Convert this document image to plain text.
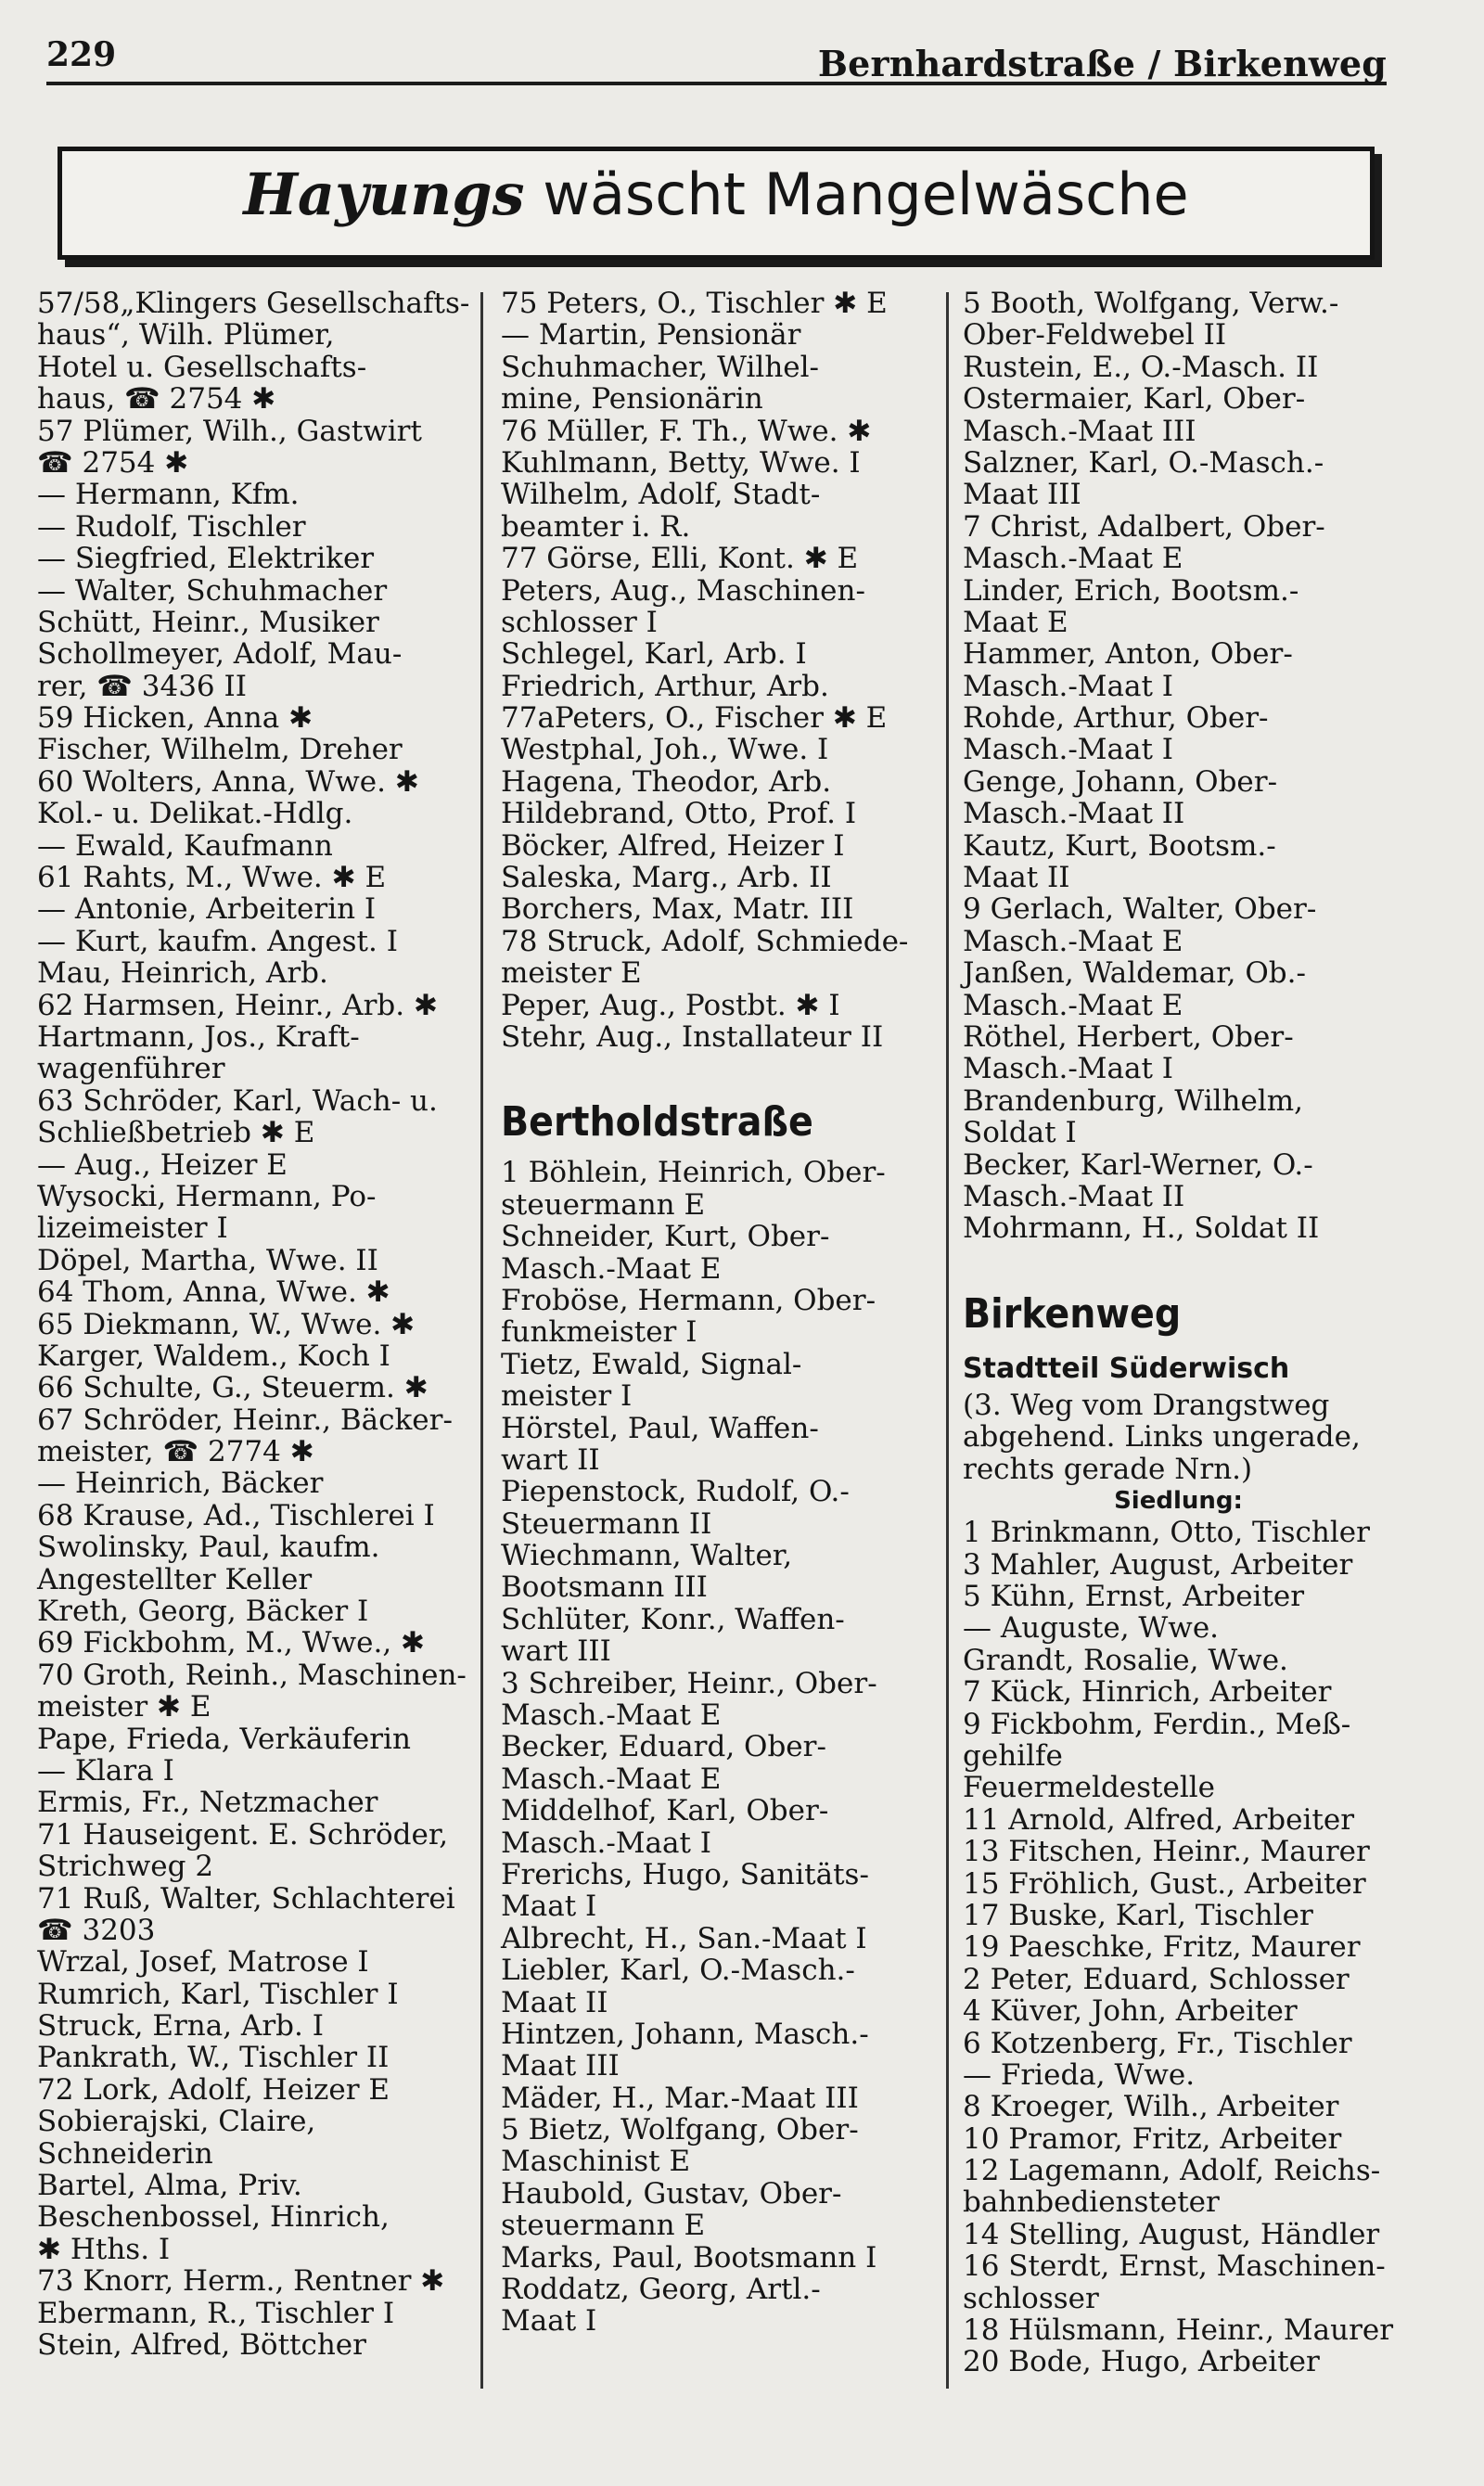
229	Bernhardstraße / Birkenweg
Hayungs wäscht Mangelwäsche
57/58„Klingers Gesellschafts-
haus“, Wilh. Plümer,
Hotel u. Gesellschafts-
haus, ☎ 2754 ✱
57 Plümer, Wilh., Gastwirt
☎ 2754 ✱
— Hermann, Kfm.
— Rudolf, Tischler
— Siegfried, Elektriker
— Walter, Schuhmacher
Schütt, Heinr., Musiker
Schollmeyer, Adolf, Mau-
rer, ☎ 3436 II
59 Hicken, Anna ✱
Fischer, Wilhelm, Dreher
60 Wolters, Anna, Wwe. ✱
Kol.- u. Delikat.-Hdlg.
— Ewald, Kaufmann
61 Rahts, M., Wwe. ✱ E
— Antonie, Arbeiterin I
— Kurt, kaufm. Angest. I
Mau, Heinrich, Arb.
62 Harmsen, Heinr., Arb. ✱
Hartmann, Jos., Kraft-
wagenführer
63 Schröder, Karl, Wach- u.
Schließbetrieb ✱ E
— Aug., Heizer E
Wysocki, Hermann, Po-
lizeimeister I
Döpel, Martha, Wwe. II
64 Thom, Anna, Wwe. ✱
65 Diekmann, W., Wwe. ✱
Karger, Waldem., Koch I
66 Schulte, G., Steuerm. ✱
67 Schröder, Heinr., Bäcker-
meister, ☎ 2774 ✱
— Heinrich, Bäcker
68 Krause, Ad., Tischlerei I
Swolinsky, Paul, kaufm.
Angestellter Keller
Kreth, Georg, Bäcker I
69 Fickbohm, M., Wwe., ✱
70 Groth, Reinh., Maschinen-
meister ✱ E
Pape, Frieda, Verkäuferin
— Klara I
Ermis, Fr., Netzmacher
71 Hauseigent. E. Schröder,
Strichweg 2
71 Ruß, Walter, Schlachterei
☎ 3203
Wrzal, Josef, Matrose I
Rumrich, Karl, Tischler I
Struck, Erna, Arb. I
Pankrath, W., Tischler II
72 Lork, Adolf, Heizer E
Sobierajski, Claire,
Schneiderin
Bartel, Alma, Priv.
Beschenbossel, Hinrich,
✱ Hths. I
73 Knorr, Herm., Rentner ✱
Ebermann, R., Tischler I
Stein, Alfred, Böttcher
75 Peters, O., Tischler ✱ E
— Martin, Pensionär
Schuhmacher, Wilhel-
mine, Pensionärin
76 Müller, F. Th., Wwe. ✱
Kuhlmann, Betty, Wwe. I
Wilhelm, Adolf, Stadt-
beamter i. R.
77 Görse, Elli, Kont. ✱ E
Peters, Aug., Maschinen-
schlosser I
Schlegel, Karl, Arb. I
Friedrich, Arthur, Arb.
77aPeters, O., Fischer ✱ E
Westphal, Joh., Wwe. I
Hagena, Theodor, Arb.
Hildebrand, Otto, Prof. I
Böcker, Alfred, Heizer I
Saleska, Marg., Arb. II
Borchers, Max, Matr. III
78 Struck, Adolf, Schmiede-
meister E
Peper, Aug., Postbt. ✱ I
Stehr, Aug., Installateur II
Bertholdstraße
1 Böhlein, Heinrich, Ober-
steuermann E
Schneider, Kurt, Ober-
Masch.-Maat E
Froböse, Hermann, Ober-
funkmeister I
Tietz, Ewald, Signal-
meister I
Hörstel, Paul, Waffen-
wart II
Piepenstock, Rudolf, O.-
Steuermann II
Wiechmann, Walter,
Bootsmann III
Schlüter, Konr., Waffen-
wart III
3 Schreiber, Heinr., Ober-
Masch.-Maat E
Becker, Eduard, Ober-
Masch.-Maat E
Middelhof, Karl, Ober-
Masch.-Maat I
Frerichs, Hugo, Sanitäts-
Maat I
Albrecht, H., San.-Maat I
Liebler, Karl, O.-Masch.-
Maat II
Hintzen, Johann, Masch.-
Maat III
Mäder, H., Mar.-Maat III
5 Bietz, Wolfgang, Ober-
Maschinist E
Haubold, Gustav, Ober-
steuermann E
Marks, Paul, Bootsmann I
Roddatz, Georg, Artl.-
Maat I
5 Booth, Wolfgang, Verw.-
Ober-Feldwebel II
Rustein, E., O.-Masch. II
Ostermaier, Karl, Ober-
Masch.-Maat III
Salzner, Karl, O.-Masch.-
Maat III
7 Christ, Adalbert, Ober-
Masch.-Maat E
Linder, Erich, Bootsm.-
Maat E
Hammer, Anton, Ober-
Masch.-Maat I
Rohde, Arthur, Ober-
Masch.-Maat I
Genge, Johann, Ober-
Masch.-Maat II
Kautz, Kurt, Bootsm.-
Maat II
9 Gerlach, Walter, Ober-
Masch.-Maat E
Janßen, Waldemar, Ob.-
Masch.-Maat E
Röthel, Herbert, Ober-
Masch.-Maat I
Brandenburg, Wilhelm,
Soldat I
Becker, Karl-Werner, O.-
Masch.-Maat II
Mohrmann, H., Soldat II
Birkenweg
Stadtteil Süderwisch
(3. Weg vom Drangstweg
abgehend. Links ungerade,
rechts gerade Nrn.)
Siedlung:
1 Brinkmann, Otto, Tischler
3 Mahler, August, Arbeiter
5 Kühn, Ernst, Arbeiter
— Auguste, Wwe.
Grandt, Rosalie, Wwe.
7 Kück, Hinrich, Arbeiter
9 Fickbohm, Ferdin., Meß-
gehilfe
Feuermeldestelle
11 Arnold, Alfred, Arbeiter
13 Fitschen, Heinr., Maurer
15 Fröhlich, Gust., Arbeiter
17 Buske, Karl, Tischler
19 Paeschke, Fritz, Maurer
2 Peter, Eduard, Schlosser
4 Küver, John, Arbeiter
6 Kotzenberg, Fr., Tischler
— Frieda, Wwe.
8 Kroeger, Wilh., Arbeiter
10 Pramor, Fritz, Arbeiter
12 Lagemann, Adolf, Reichs-
bahnbediensteter
14 Stelling, August, Händler
16 Sterdt, Ernst, Maschinen-
schlosser
18 Hülsmann, Heinr., Maurer
20 Bode, Hugo, Arbeiter
